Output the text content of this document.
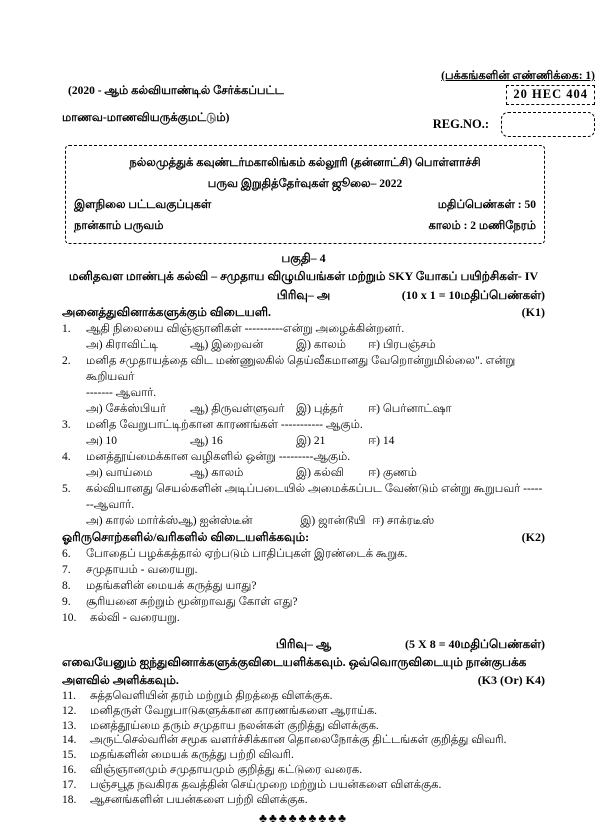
(பக்கங்களின் எண்ணிக்கை: 1)
(2020 - ஆம் கல்வியாண்டில் சேர்க்கப்பட்ட	20 HEC 404
மாணவ-மாணவியருக்குமட்டும்)	REG.NO.:
நல்லமுத்துக் கவுண்டர்மகாலிங்கம் கல்லூரி (தன்னாட்சி) பொள்ளாச்சி
பருவ இறுதித்தேர்வுகள் ஜூலை– 2022
இளநிலை பட்டவகுப்புகள்	மதிப்பெண்கள் : 50
நான்காம் பருவம்	காலம் : 2 மணிநேரம்
பகுதி– 4
மனிதவள மாண்புக் கல்வி – சமுதாய விழுமியங்கள் மற்றும் SKY யோகப் பயிற்சிகள்- IV
பிரிவு– அ	(10 x 1 = 10மதிப்பெண்கள்)
அனைத்துவினாக்களுக்கும் விடையளி.	(K1)
1.	ஆதி நிலையை விஞ்ஞானிகள் ----------என்று அழைக்கின்றனர்.
அ) கிராவிட்டி	ஆ) இறைவன்	இ) காலம்	ஈ) பிரபஞ்சம்
2.	மனித சமுதாயத்தை விட மண்ணுலகில் தெய்வீகமானது வேறொன்றுமில்லை". என்று கூறியவர்
------- ஆவார்.
அ) சேக்ஸ்பியர்	ஆ) திருவள்ளுவர் இ) புத்தர்	ஈ) பெர்னாட்ஷா
3.	மனித வேறுபாட்டிற்கான காரணங்கள் ----------- ஆகும்.
அ) 10	ஆ) 16	இ) 21	ஈ) 14
4.	மனத்தூய்மைக்கான வழிகளில் ஒன்று ---------ஆகும்.
அ) வாய்மை	ஆ) காலம்	இ) கல்வி	ஈ) குணம்
5.	கல்வியானது செயல்களின் அடிப்படையில் அமைக்கப்பட வேண்டும் என்று கூறுபவர் -------ஆவார்.
அ) காரல் மார்க்ஸ் ஆ) ஐன்ஸ்டீன்	இ) ஜான்டூயி ஈ) சாக்ரடீஸ்
ஓரிருசொற்களில்/வரிகளில் விடையளிக்கவும்:	(K2)
6.	போதைப் பழக்கத்தால் ஏற்படும் பாதிப்புகள் இரண்டைக் கூறுக.
7.	சமுதாயம் - வரையறு.
8.	மதங்களின் மையக் கருத்து யாது?
9.	சூரியனை சுற்றும் மூன்றாவது கோள் எது?
10.	கல்வி - வரையறு.
பிரிவு– ஆ	(5 X 8 = 40மதிப்பெண்கள்)
எவையேனும் ஐந்துவினாக்களுக்குவிடையளிக்கவும். ஒவ்வொருவிடையும் நான்குபக்க
அளவில் அளிக்கவும்.	(K3 (Or) K4)
11.	சுத்தவெளியின் தரம் மற்றும் திறத்தை விளக்குக.
12.	மனிதருள் வேறுபாடுகளுக்கான காரணங்களை ஆராய்க.
13.	மனத்தூய்மை தரும் சமுதாய நலன்கள் குறித்து விளக்குக.
14.	அருட்செல்வரின் சமூக வளர்ச்சிக்கான தொலைநோக்கு திட்டங்கள் குறித்து விவரி.
15.	மதங்களின் மையக் கருத்து பற்றி விவரி.
16.	விஞ்ஞானமும் சமுதாயமும் குறித்து கட்டுரை வரைக.
17.	பஞ்சபூத நவகிரக தவத்தின் செய்முறை மற்றும் பயன்களை விளக்குக.
18.	ஆசனங்களின் பயன்களை பற்றி விளக்குக.
♣♣♣♣♣♣♣♣♣
